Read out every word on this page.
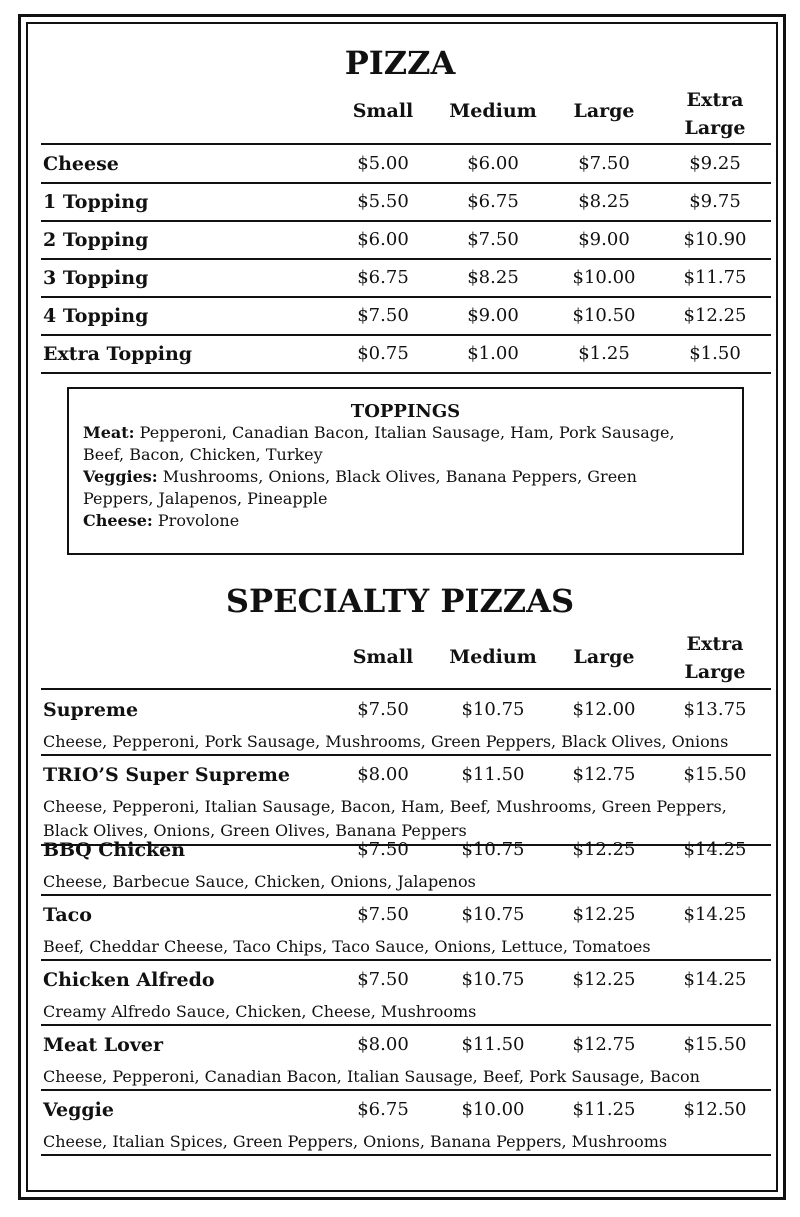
PIZZA
Small	Medium	Large	Extra
Large
Cheese	$5.00	$6.00	$7.50	$9.25
1 Topping	$5.50	$6.75	$8.25	$9.75
2 Topping	$6.00	$7.50	$9.00	$10.90
3 Topping	$6.75	$8.25	$10.00	$11.75
4 Topping	$7.50	$9.00	$10.50	$12.25
Extra Topping	$0.75	$1.00	$1.25	$1.50
TOPPINGS
Meat: Pepperoni, Canadian Bacon, Italian Sausage, Ham, Pork Sausage,
Beef, Bacon, Chicken, Turkey
Veggies: Mushrooms, Onions, Black Olives, Banana Peppers, Green
Peppers, Jalapenos, Pineapple
Cheese: Provolone
SPECIALTY PIZZAS
Small	Medium	Large
Extra
Large
Supreme	$7.50	$10.75	$12.00	$13.75
Cheese, Pepperoni, Pork Sausage, Mushrooms, Green Peppers, Black Olives, Onions
TRIO’S Super Supreme	$8.00	$11.50	$12.75	$15.50
Cheese, Pepperoni, Italian Sausage, Bacon, Ham, Beef, Mushrooms, Green Peppers,
Black Olives, Onions, Green Olives, Banana Peppers
BBQ Chicken	$7.50	$10.75	$12.25	$14.25
Cheese, Barbecue Sauce, Chicken, Onions, Jalapenos
Taco	$7.50	$10.75	$12.25	$14.25
Beef, Cheddar Cheese, Taco Chips, Taco Sauce, Onions, Lettuce, Tomatoes
Chicken Alfredo	$7.50	$10.75	$12.25	$14.25
Creamy Alfredo Sauce, Chicken, Cheese, Mushrooms
Meat Lover	$8.00	$11.50	$12.75	$15.50
Cheese, Pepperoni, Canadian Bacon, Italian Sausage, Beef, Pork Sausage, Bacon
Veggie	$6.75	$10.00	$11.25	$12.50
Cheese, Italian Spices, Green Peppers, Onions, Banana Peppers, Mushrooms
